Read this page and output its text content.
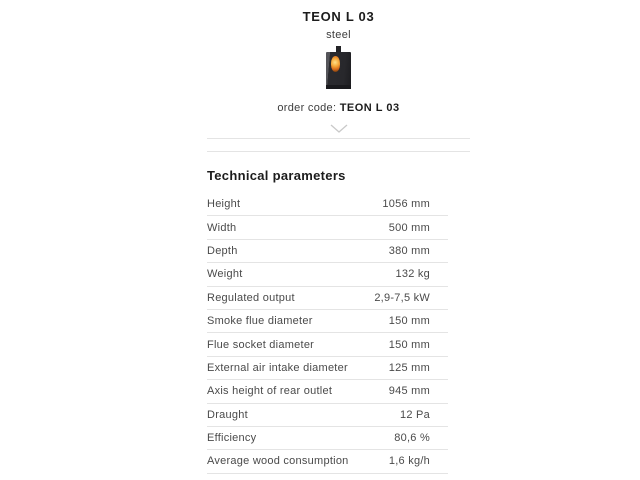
TEON L 03
steel
order code: TEON L 03
Technical parameters
Height	1056 mm
Width	500 mm
Depth	380 mm
Weight	132 kg
Regulated output	2,9-7,5 kW
Smoke flue diameter	150 mm
Flue socket diameter	150 mm
External air intake diameter	125 mm
Axis height of rear outlet	945 mm
Draught	12 Pa
Efficiency	80,6 %
Average wood consumption	1,6 kg/h
